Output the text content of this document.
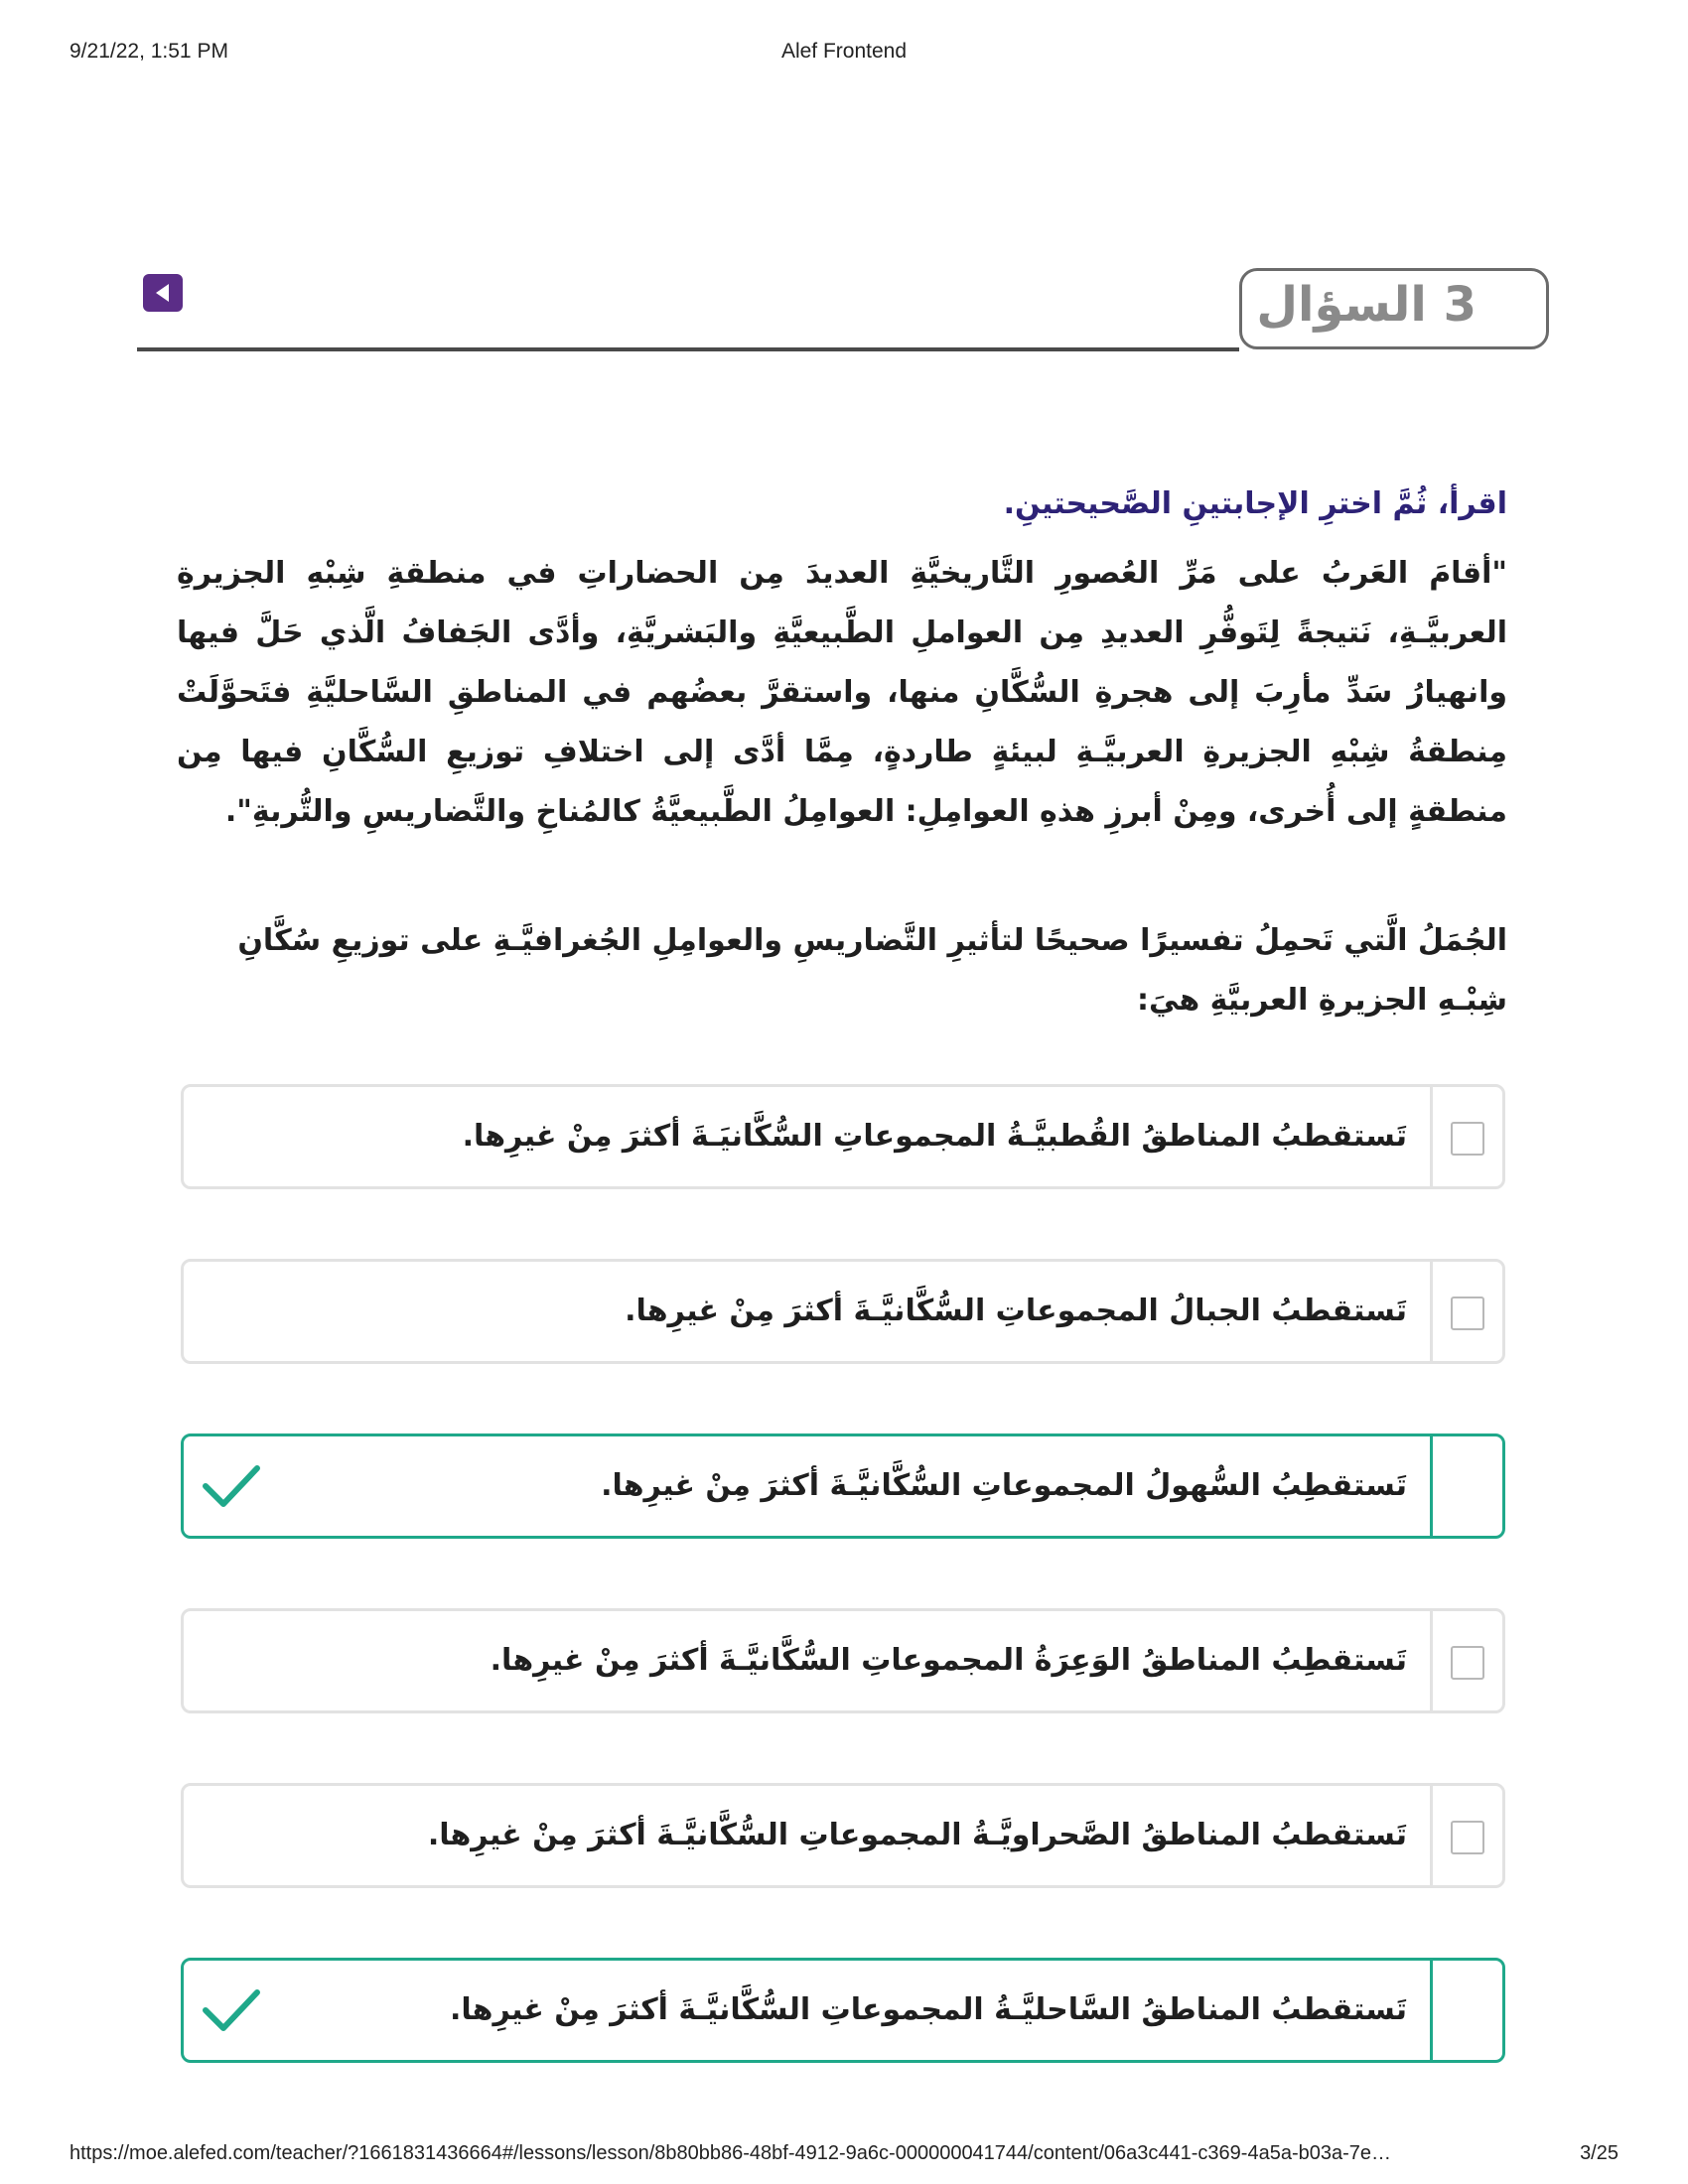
9/21/22, 1:51 PM	Alef Frontend
3 السؤال
اقرأ، ثُمَّ اخترِ الإجابتينِ الصَّحيحتينِ.
"أقامَ العَربُ على مَرِّ العُصورِ التَّاريخيَّةِ العديدَ مِن الحضاراتِ في منطقةِ شِبْهِ الجزيرةِ العربيَّـةِ، نَتيجةً لِتَوفُّرِ العديدِ مِن العواملِ الطَّبيعيَّةِ والبَشريَّةِ، وأدَّى الجَفافُ الَّذي حَلَّ فيها وانهيارُ سَدِّ مأرِبَ إلى هجرةِ السُّكَّانِ منها، واستقرَّ بعضُهم في المناطقِ السَّاحليَّةِ فتَحوَّلَتْ مِنطقةُ شِبْهِ الجزيرةِ العربيَّـةِ لبيئةٍ طاردةٍ، مِمَّا أدَّى إلى اختلافِ توزيعِ السُّكَّانِ فيها مِن منطقةٍ إلى أُخرى، ومِنْ أبرزِ هذهِ العوامِلِ: العوامِلُ الطَّبيعيَّةُ كالمُناخِ والتَّضاريسِ والتُّربةِ".
الجُمَلُ الَّتي تَحمِلُ تفسيرًا صحيحًا لتأثيرِ التَّضاريسِ والعوامِلِ الجُغرافيَّـةِ على توزيعِ سُكَّانِ شِبْـهِ الجزيرةِ العربيَّةِ هيَ:
تَستقطبُ المناطقُ القُطبيَّـةُ المجموعاتِ السُّكَّانيَـةَ أكثرَ مِنْ غيرِها.
تَستقطبُ الجبالُ المجموعاتِ السُّكَّانيَّـةَ أكثرَ مِنْ غيرِها.
تَستقطِبُ السُّهولُ المجموعاتِ السُّكَّانيَّـةَ أكثرَ مِنْ غيرِها.
تَستقطِبُ المناطقُ الوَعِرَةُ المجموعاتِ السُّكَّانيَّـةَ أكثرَ مِنْ غيرِها.
تَستقطبُ المناطقُ الصَّحراويَّـةُ المجموعاتِ السُّكَّانيَّـةَ أكثرَ مِنْ غيرِها.
تَستقطبُ المناطقُ السَّاحليَّـةُ المجموعاتِ السُّكَّانيَّـةَ أكثرَ مِنْ غيرِها.
https://moe.alefed.com/teacher/?1661831436664#/lessons/lesson/8b80bb86-48bf-4912-9a6c-000000041744/content/06a3c441-c369-4a5a-b03a-7e…	3/25
